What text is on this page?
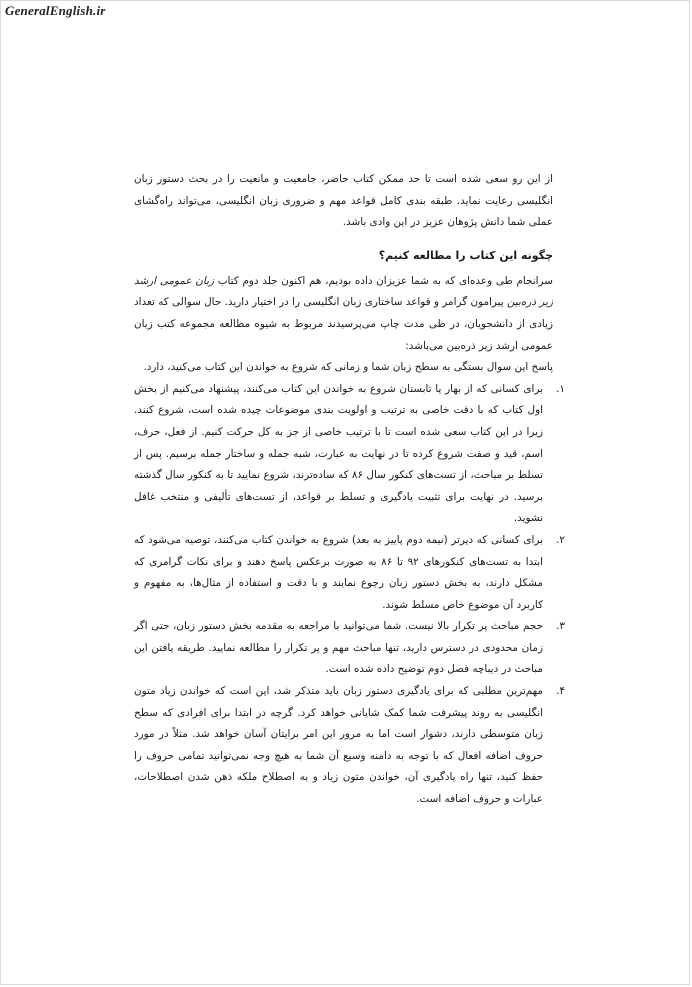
GeneralEnglish.ir

از این رو سعی شده است تا حد ممکن کتاب حاضر، جامعیت و مانعیت را در بحث دستور زبان انگلیسی رعایت نماید. طبقه بندی کامل قواعد مهم و ضروری زبان انگلیسی، می‌تواند راه‌گشای عملی شما دانش پژوهان عزیز در این وادی باشد.

چگونه این کتاب را مطالعه کنیم؟

سرانجام طی وعده‌ای که به شما عزیزان داده بودیم، هم اکنون جلد دوم کتاب زبان عمومی ارشد زیر ذره‌بین پیرامون گرامر و قواعد ساختاری زبان انگلیسی را در اختیار دارید. حال سوالی که تعداد زیادی از دانشجویان، در طی مدت چاپ می‌پرسیدند مربوط به شیوه مطالعه مجموعه کتب زبان عمومی ارشد زیر ذره‌بین می‌باشد:

پاسخ این سوال بستگی به سطح زبان شما و زمانی که شروع به خواندن این کتاب می‌کنید، دارد.

۱.
برای کسانی که از بهار یا تابستان شروع به خواندن این کتاب می‌کنند، پیشنهاد می‌کنیم از بخش اول کتاب که با دقت خاصی به ترتیب و اولویت بندی موضوعات چیده شده است، شروع کنند. زیرا در این کتاب سعی شده است تا با ترتیب خاصی از جز به کل حرکت کنیم. از فعل، حرف، اسم، قید و صفت شروع کرده تا در نهایت به عبارت، شبه جمله و ساختار جمله برسیم. پس از تسلط بر مباحث، از تست‌های کنکور سال ۸۶ که ساده‌ترند، شروع نمایید تا به کنکور سال گذشته برسید. در نهایت برای تثبیت یادگیری و تسلط بر قواعد، از تست‌های تألیفی و منتخب غافل نشوید.
۲.
برای کسانی که دیرتر (نیمه دوم پاییز به بعد) شروع به خواندن کتاب می‌کنند، توصیه می‌شود که ابتدا به تست‌های کنکورهای ۹۲ تا ۸۶ به صورت برعکس پاسخ دهند و برای نکات گرامری که مشکل دارند، به بخش دستور زبان رجوع نمایند و با دقت و استفاده از مثال‌ها، به مفهوم و کاربرد آن موضوع خاص مسلط شوند.
۳.
حجم مباحث پر تکرار بالا نیست. شما می‌توانید با مراجعه به مقدمه بخش دستور زبان، حتی اگر زمان محدودی در دسترس دارید، تنها مباحث مهم و پر تکرار را مطالعه نمایید. طریقه یافتن این مباحث در دیباچه فصل دوم توضیح داده شده است.
۴.
مهم‌ترین مطلبی که برای یادگیری دستور زبان باید متذکر شد، این است که خواندن زیاد متون انگلیسی به روند پیشرفت شما کمک شایانی خواهد کرد. گرچه در ابتدا برای افرادی که سطح زبان متوسطی دارند، دشوار است اما به مرور این امر برایتان آسان خواهد شد. مثلاً در مورد حروف اضافه افعال که با توجه به دامنه وسیع آن شما به هیچ وجه نمی‌توانید تمامی حروف را حفظ کنید، تنها راه یادگیری آن، خواندن متون زیاد و به اصطلاح ملکه ذهن شدن اصطلاحات، عبارات و حروف اضافه است.
